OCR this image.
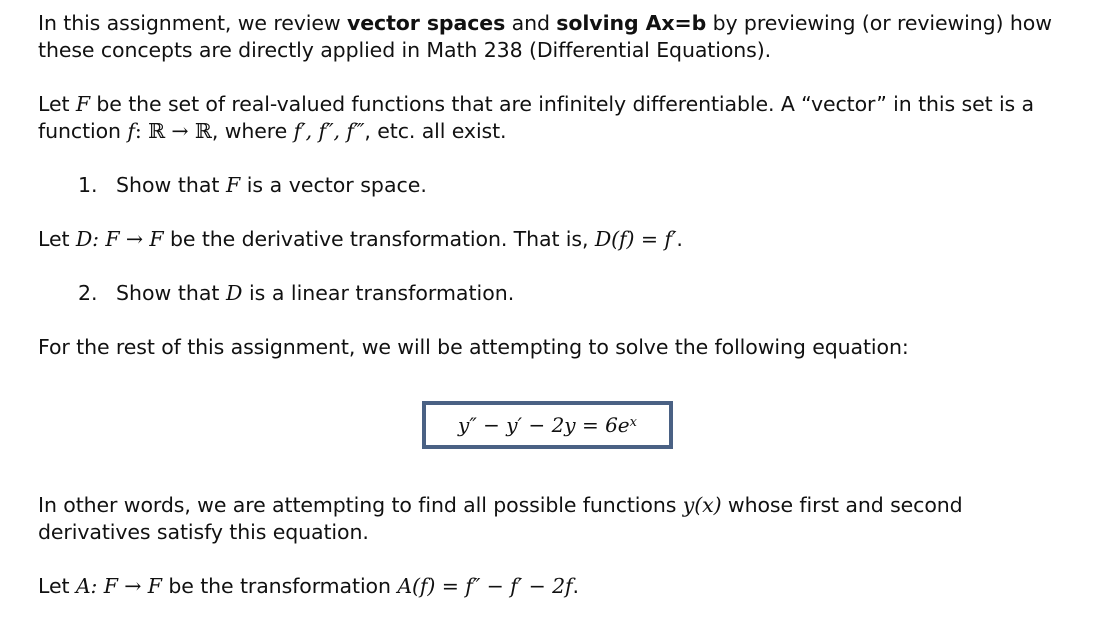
In this assignment, we review vector spaces and solving Ax=b by previewing (or reviewing) how
these concepts are directly applied in Math 238 (Differential Equations).

Let F be the set of real-valued functions that are infinitely differentiable. A “vector” in this set is a
function f: ℝ → ℝ, where f′, f″, f‴, etc. all exist.

1. Show that F is a vector space.

Let D: F → F be the derivative transformation. That is, D(f) = f′.

2. Show that D is a linear transformation.

For the rest of this assignment, we will be attempting to solve the following equation:

$y'' - y' - 2y = 6e^x$

In other words, we are attempting to find all possible functions y(x) whose first and second
derivatives satisfy this equation.

Let A: F → F be the transformation A(f) = f″ − f′ − 2f.
